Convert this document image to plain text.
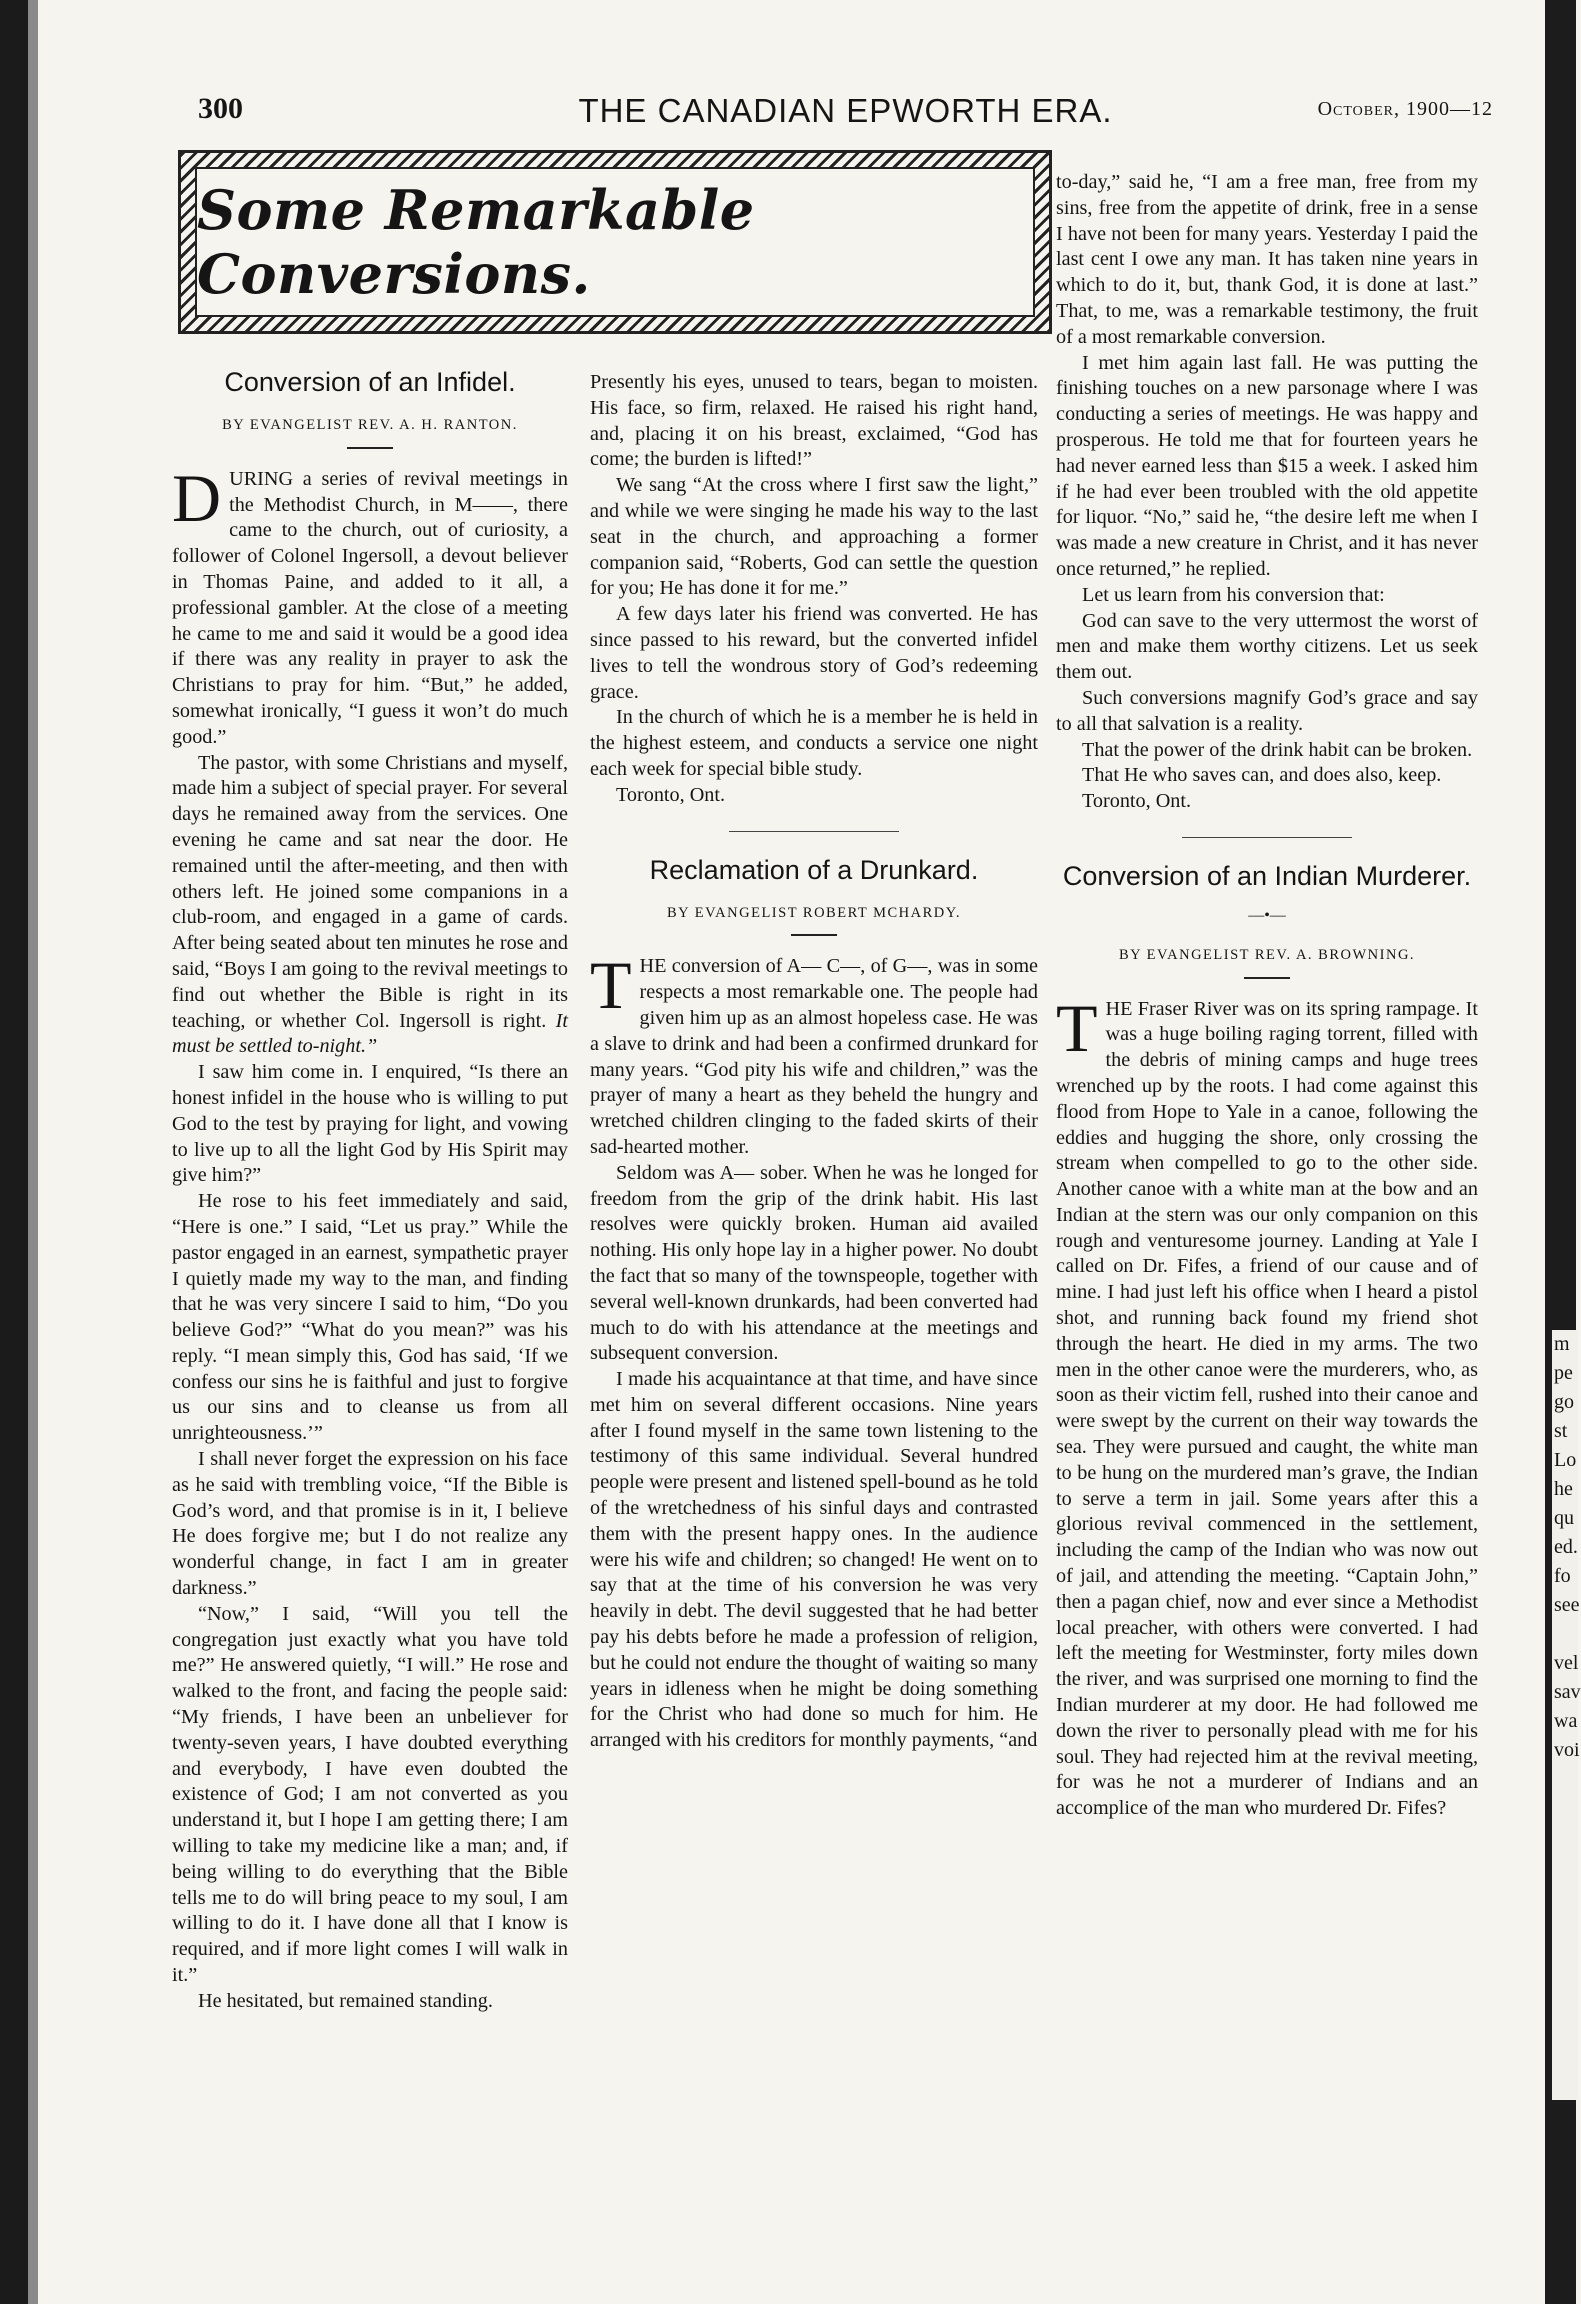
300	THE CANADIAN EPWORTH ERA.	October, 1900—12
Some Remarkable Conversions.
Conversion of an Infidel.
BY EVANGELIST REV. A. H. RANTON.

DURING a series of revival meetings in the Methodist Church, in M——, there came to the church, out of curiosity, a follower of Colonel Ingersoll, a devout believer in Thomas Paine, and added to it all, a professional gambler. At the close of a meeting he came to me and said it would be a good idea if there was any reality in prayer to ask the Christians to pray for him. “But,” he added, somewhat ironically, “I guess it won’t do much good.”

The pastor, with some Christians and myself, made him a subject of special prayer. For several days he remained away from the services. One evening he came and sat near the door. He remained until the after-meeting, and then with others left. He joined some companions in a club-room, and engaged in a game of cards. After being seated about ten minutes he rose and said, “Boys I am going to the revival meetings to find out whether the Bible is right in its teaching, or whether Col. Ingersoll is right. It must be settled to-night.”

I saw him come in. I enquired, “Is there an honest infidel in the house who is willing to put God to the test by praying for light, and vowing to live up to all the light God by His Spirit may give him?”

He rose to his feet immediately and said, “Here is one.” I said, “Let us pray.” While the pastor engaged in an earnest, sympathetic prayer I quietly made my way to the man, and finding that he was very sincere I said to him, “Do you believe God?” “What do you mean?” was his reply. “I mean simply this, God has said, ‘If we confess our sins he is faithful and just to forgive us our sins and to cleanse us from all unrighteousness.’”

I shall never forget the expression on his face as he said with trembling voice, “If the Bible is God’s word, and that promise is in it, I believe He does forgive me; but I do not realize any wonderful change, in fact I am in greater darkness.”

“Now,” I said, “Will you tell the congregation just exactly what you have told me?” He answered quietly, “I will.” He rose and walked to the front, and facing the people said: “My friends, I have been an unbeliever for twenty-seven years, I have doubted everything and everybody, I have even doubted the existence of God; I am not converted as you understand it, but I hope I am getting there; I am willing to take my medicine like a man; and, if being willing to do everything that the Bible tells me to do will bring peace to my soul, I am willing to do it. I have done all that I know is required, and if more light comes I will walk in it.”

He hesitated, but remained standing.

Presently his eyes, unused to tears, began to moisten. His face, so firm, relaxed. He raised his right hand, and, placing it on his breast, exclaimed, “God has come; the burden is lifted!”

We sang “At the cross where I first saw the light,” and while we were singing he made his way to the last seat in the church, and approaching a former companion said, “Roberts, God can settle the question for you; He has done it for me.”

A few days later his friend was converted. He has since passed to his reward, but the converted infidel lives to tell the wondrous story of God’s redeeming grace.

In the church of which he is a member he is held in the highest esteem, and conducts a service one night each week for special bible study.

Toronto, Ont.

Reclamation of a Drunkard.
BY EVANGELIST ROBERT MCHARDY.

THE conversion of A— C—, of G—, was in some respects a most remarkable one. The people had given him up as an almost hopeless case. He was a slave to drink and had been a confirmed drunkard for many years. “God pity his wife and children,” was the prayer of many a heart as they beheld the hungry and wretched children clinging to the faded skirts of their sad-hearted mother.

Seldom was A— sober. When he was he longed for freedom from the grip of the drink habit. His last resolves were quickly broken. Human aid availed nothing. His only hope lay in a higher power. No doubt the fact that so many of the townspeople, together with several well-known drunkards, had been converted had much to do with his attendance at the meetings and subsequent conversion.

I made his acquaintance at that time, and have since met him on several different occasions. Nine years after I found myself in the same town listening to the testimony of this same individual. Several hundred people were present and listened spell-bound as he told of the wretchedness of his sinful days and contrasted them with the present happy ones. In the audience were his wife and children; so changed! He went on to say that at the time of his conversion he was very heavily in debt. The devil suggested that he had better pay his debts before he made a profession of religion, but he could not endure the thought of waiting so many years in idleness when he might be doing something for the Christ who had done so much for him. He arranged with his creditors for monthly payments, “and

to-day,” said he, “I am a free man, free from my sins, free from the appetite of drink, free in a sense I have not been for many years. Yesterday I paid the last cent I owe any man. It has taken nine years in which to do it, but, thank God, it is done at last.” That, to me, was a remarkable testimony, the fruit of a most remarkable conversion.

I met him again last fall. He was putting the finishing touches on a new parsonage where I was conducting a series of meetings. He was happy and prosperous. He told me that for fourteen years he had never earned less than $15 a week. I asked him if he had ever been troubled with the old appetite for liquor. “No,” said he, “the desire left me when I was made a new creature in Christ, and it has never once returned,” he replied.

Let us learn from his conversion that:

God can save to the very uttermost the worst of men and make them worthy citizens. Let us seek them out.

Such conversions magnify God’s grace and say to all that salvation is a reality.

That the power of the drink habit can be broken.

That He who saves can, and does also, keep.

Toronto, Ont.

Conversion of an Indian Murderer.
—•—
BY EVANGELIST REV. A. BROWNING.

THE Fraser River was on its spring rampage. It was a huge boiling raging torrent, filled with the debris of mining camps and huge trees wrenched up by the roots. I had come against this flood from Hope to Yale in a canoe, following the eddies and hugging the shore, only crossing the stream when compelled to go to the other side. Another canoe with a white man at the bow and an Indian at the stern was our only companion on this rough and venturesome journey. Landing at Yale I called on Dr. Fifes, a friend of our cause and of mine. I had just left his office when I heard a pistol shot, and running back found my friend shot through the heart. He died in my arms. The two men in the other canoe were the murderers, who, as soon as their victim fell, rushed into their canoe and were swept by the current on their way towards the sea. They were pursued and caught, the white man to be hung on the murdered man’s grave, the Indian to serve a term in jail. Some years after this a glorious revival commenced in the settlement, including the camp of the Indian who was now out of jail, and attending the meeting. “Captain John,” then a pagan chief, now and ever since a Methodist local preacher, with others were converted. I had left the meeting for Westminster, forty miles down the river, and was surprised one morning to find the Indian murderer at my door. He had followed me down the river to personally plead with me for his soul. They had rejected him at the revival meeting, for was he not a murderer of Indians and an accomplice of the man who murdered Dr. Fifes?

m
pe
go
st
Lo
he
qu
ed.
fo
see
vel
sav
wa
voi
